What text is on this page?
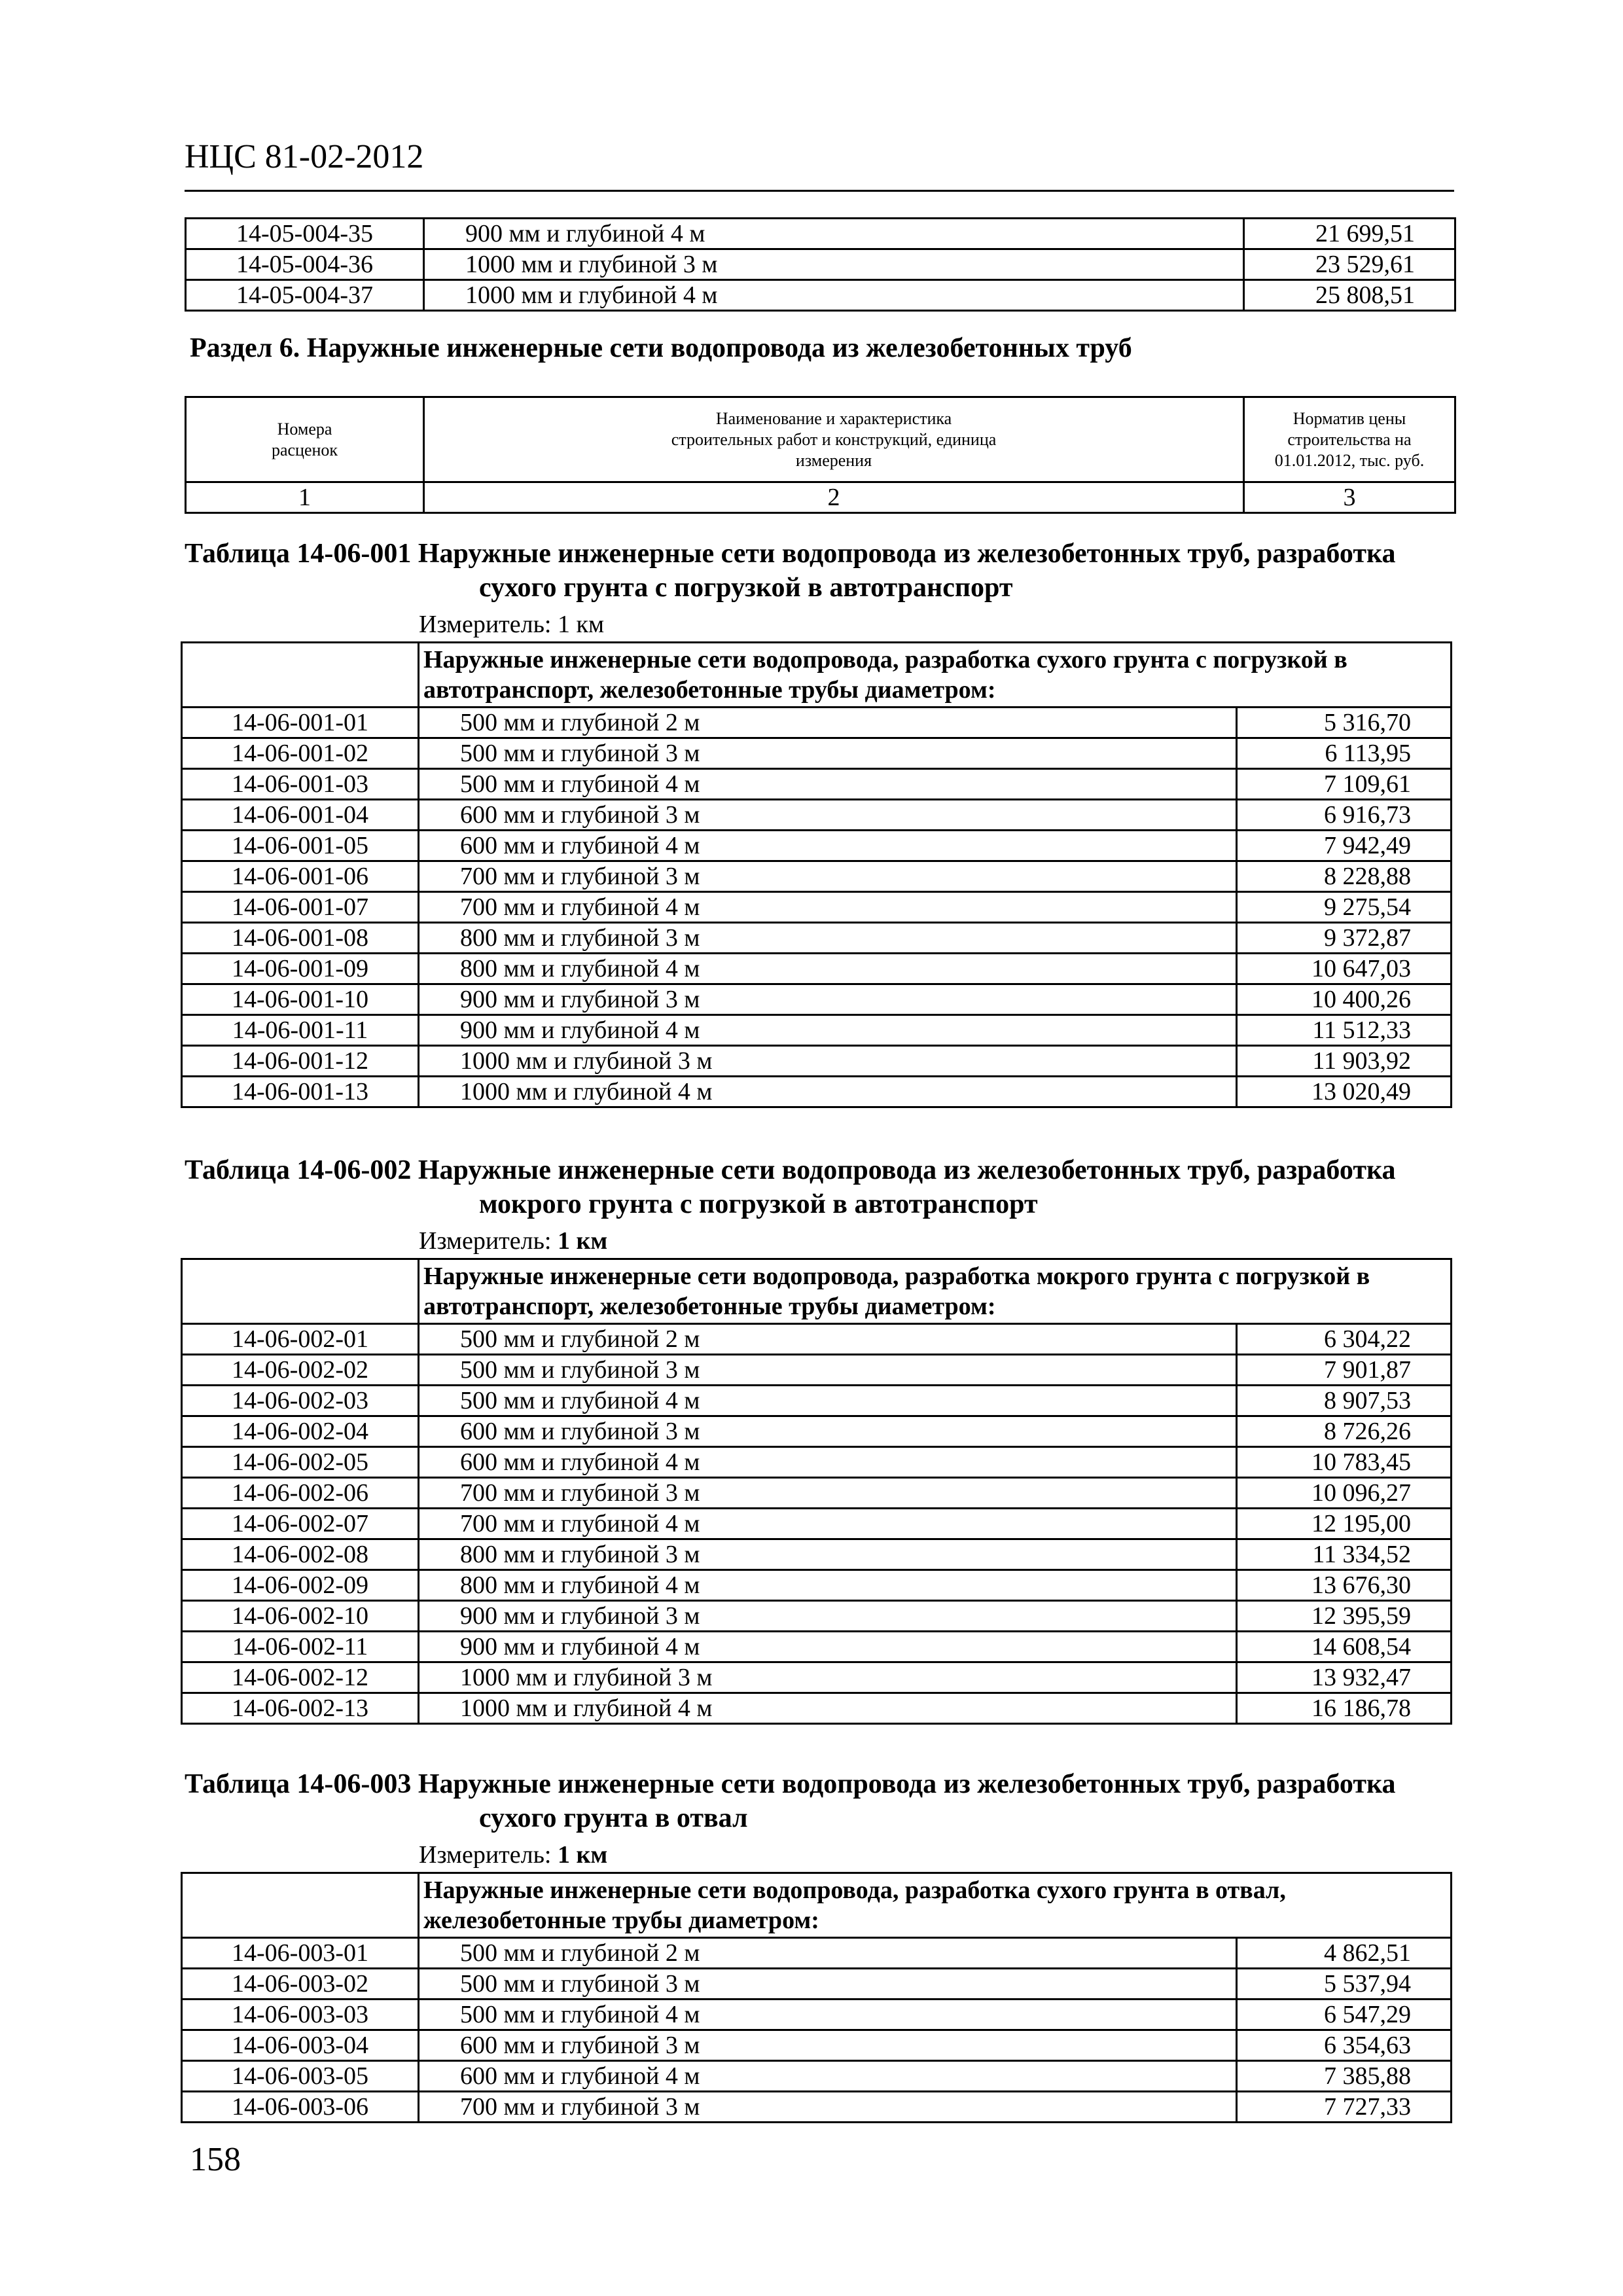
НЦС 81-02-2012
14-05-004-35	900 мм и глубиной 4 м	21 699,51
14-05-004-36	1000 мм и глубиной 3 м	23 529,61
14-05-004-37	1000 мм и глубиной 4 м	25 808,51
Раздел 6. Наружные инженерные сети водопровода из железобетонных труб
Номера расценок	Наименование и характеристика строительных работ и конструкций, единица измерения	Норматив цены строительства на 01.01.2012, тыс. руб.
1	2	3
Таблица 14-06-001 Наружные инженерные сети водопровода из железобетонных труб, разработка
сухого грунта с погрузкой в автотранспорт
Измеритель: 1 км
	Наружные инженерные сети водопровода, разработка сухого грунта с погрузкой в автотранспорт, железобетонные трубы диаметром:	
14-06-001-01	500 мм и глубиной 2 м	5 316,70
14-06-001-02	500 мм и глубиной 3 м	6 113,95
14-06-001-03	500 мм и глубиной 4 м	7 109,61
14-06-001-04	600 мм и глубиной 3 м	6 916,73
14-06-001-05	600 мм и глубиной 4 м	7 942,49
14-06-001-06	700 мм и глубиной 3 м	8 228,88
14-06-001-07	700 мм и глубиной 4 м	9 275,54
14-06-001-08	800 мм и глубиной 3 м	9 372,87
14-06-001-09	800 мм и глубиной 4 м	10 647,03
14-06-001-10	900 мм и глубиной 3 м	10 400,26
14-06-001-11	900 мм и глубиной 4 м	11 512,33
14-06-001-12	1000 мм и глубиной 3 м	11 903,92
14-06-001-13	1000 мм и глубиной 4 м	13 020,49
Таблица 14-06-002 Наружные инженерные сети водопровода из железобетонных труб, разработка
мокрого грунта с погрузкой в автотранспорт
Измеритель: 1 км
	Наружные инженерные сети водопровода, разработка мокрого грунта с погрузкой в автотранспорт, железобетонные трубы диаметром:	
14-06-002-01	500 мм и глубиной 2 м	6 304,22
14-06-002-02	500 мм и глубиной 3 м	7 901,87
14-06-002-03	500 мм и глубиной 4 м	8 907,53
14-06-002-04	600 мм и глубиной 3 м	8 726,26
14-06-002-05	600 мм и глубиной 4 м	10 783,45
14-06-002-06	700 мм и глубиной 3 м	10 096,27
14-06-002-07	700 мм и глубиной 4 м	12 195,00
14-06-002-08	800 мм и глубиной 3 м	11 334,52
14-06-002-09	800 мм и глубиной 4 м	13 676,30
14-06-002-10	900 мм и глубиной 3 м	12 395,59
14-06-002-11	900 мм и глубиной 4 м	14 608,54
14-06-002-12	1000 мм и глубиной 3 м	13 932,47
14-06-002-13	1000 мм и глубиной 4 м	16 186,78
Таблица 14-06-003 Наружные инженерные сети водопровода из железобетонных труб, разработка
сухого грунта в отвал
Измеритель: 1 км
	Наружные инженерные сети водопровода, разработка сухого грунта в отвал, железобетонные трубы диаметром:	
14-06-003-01	500 мм и глубиной 2 м	4 862,51
14-06-003-02	500 мм и глубиной 3 м	5 537,94
14-06-003-03	500 мм и глубиной 4 м	6 547,29
14-06-003-04	600 мм и глубиной 3 м	6 354,63
14-06-003-05	600 мм и глубиной 4 м	7 385,88
14-06-003-06	700 мм и глубиной 3 м	7 727,33
158
